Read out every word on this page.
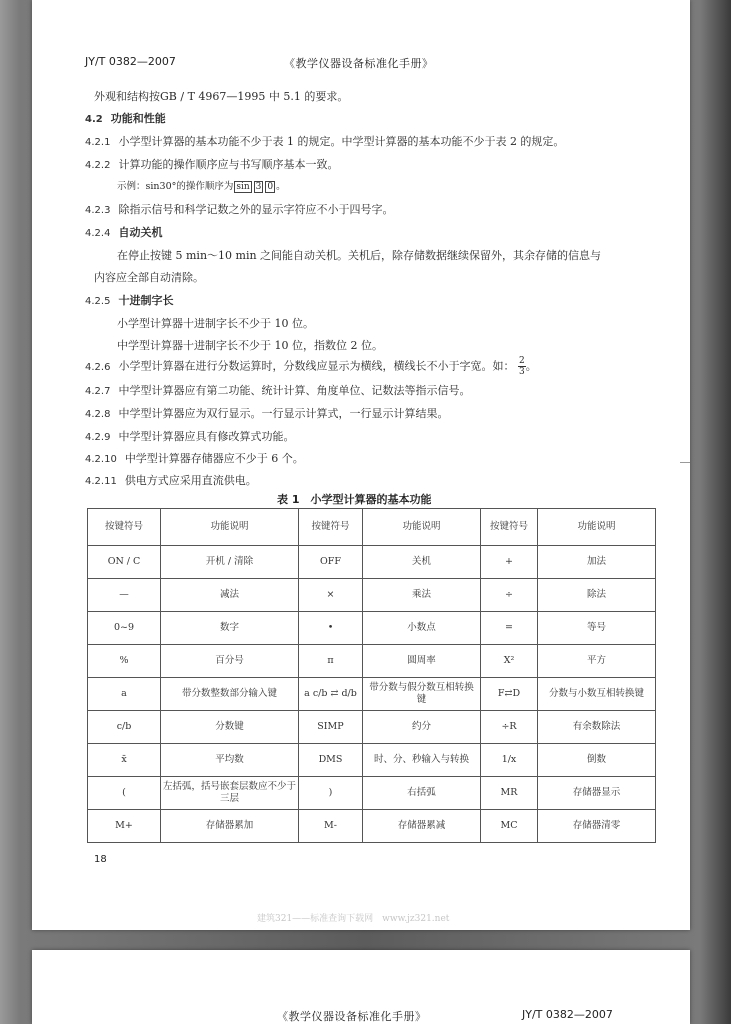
JY/T 0382—2007	《教学仪器设备标准化手册》
外观和结构按GB / T 4967—1995 中 5.1 的要求。
4.2 功能和性能
4.2.1 小学型计算器的基本功能不少于表 1 的规定。中学型计算器的基本功能不少于表 2 的规定。
4.2.2 计算功能的操作顺序应与书写顺序基本一致。
示例：sin30°的操作顺序为 sin 3 0 。
4.2.3 除指示信号和科学记数之外的显示字符应不小于四号字。
4.2.4 自动关机
在停止按键 5 min～10 min 之间能自动关机。关机后，除存储数据继续保留外，其余存储的信息与
内容应全部自动清除。
4.2.5 十进制字长
小学型计算器十进制字长不少于 10 位。
中学型计算器十进制字长不少于 10 位，指数位 2 位。
4.2.6 小学型计算器在进行分数运算时，分数线应显示为横线，横线长不小于字宽。如： $\frac{2}{3}$ 。
4.2.7 中学型计算器应有第二功能、统计计算、角度单位、记数法等指示信号。
4.2.8 中学型计算器应为双行显示。一行显示计算式，一行显示计算结果。
4.2.9 中学型计算器应具有修改算式功能。
4.2.10 中学型计算器存储器应不少于 6 个。
4.2.11 供电方式应采用直流供电。
表 1　小学型计算器的基本功能
按键符号	功能说明	按键符号	功能说明	按键符号	功能说明
ON / C	开机 / 清除	OFF	关机	+	加法
—	减法	×	乘法	÷	除法
0~9	数字	•	小数点	=	等号
%	百分号	π	圆周率	X²	平方
a	带分数整数部分输入键	a c/b ⇄ d/b	带分数与假分数互相转换键	F⇄D	分数与小数互相转换键
c/b	分数键	SIMP	约分	÷R	有余数除法
x̄	平均数	DMS	时、分、秒输入与转换	1/x	倒数
(	左括弧，括号嵌套层数应不少于三层	)	右括弧	MR	存储器显示
M+	存储器累加	M-	存储器累减	MC	存储器清零
18
建筑321——标准查询下载网　www.jz321.net
《教学仪器设备标准化手册》	JY/T 0382—2007
